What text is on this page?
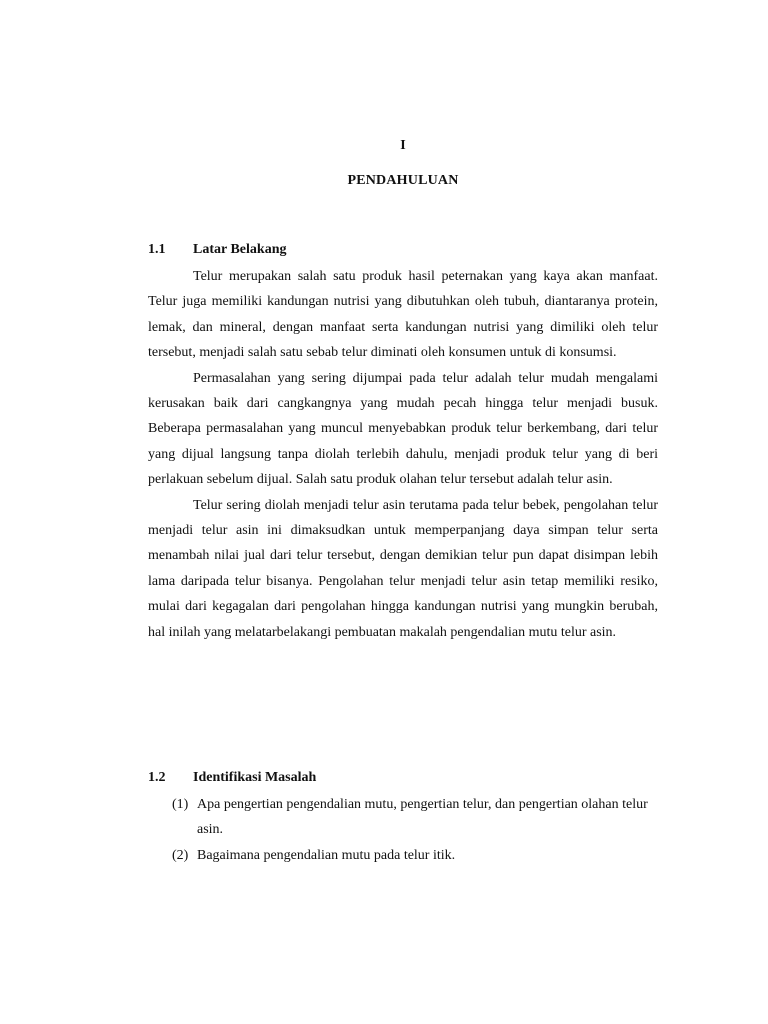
I
PENDAHULUAN
1.1 Latar Belakang

Telur merupakan salah satu produk hasil peternakan yang kaya akan manfaat. Telur juga memiliki kandungan nutrisi yang dibutuhkan oleh tubuh, diantaranya protein, lemak, dan mineral, dengan manfaat serta kandungan nutrisi yang dimiliki oleh telur tersebut, menjadi salah satu sebab telur diminati oleh konsumen untuk di konsumsi.

Permasalahan yang sering dijumpai pada telur adalah telur mudah mengalami kerusakan baik dari cangkangnya yang mudah pecah hingga telur menjadi busuk. Beberapa permasalahan yang muncul menyebabkan produk telur berkembang, dari telur yang dijual langsung tanpa diolah terlebih dahulu, menjadi produk telur yang di beri perlakuan sebelum dijual. Salah satu produk olahan telur tersebut adalah telur asin.

Telur sering diolah menjadi telur asin terutama pada telur bebek, pengolahan telur menjadi telur asin ini dimaksudkan untuk memperpanjang daya simpan telur serta menambah nilai jual dari telur tersebut, dengan demikian telur pun dapat disimpan lebih lama daripada telur bisanya. Pengolahan telur menjadi telur asin tetap memiliki resiko, mulai dari kegagalan dari pengolahan hingga kandungan nutrisi yang mungkin berubah, hal inilah yang melatarbelakangi pembuatan makalah pengendalian mutu telur asin.

1.2 Identifikasi Masalah
(1) Apa pengertian pengendalian mutu, pengertian telur, dan pengertian olahan telur asin.
(2) Bagaimana pengendalian mutu pada telur itik.
